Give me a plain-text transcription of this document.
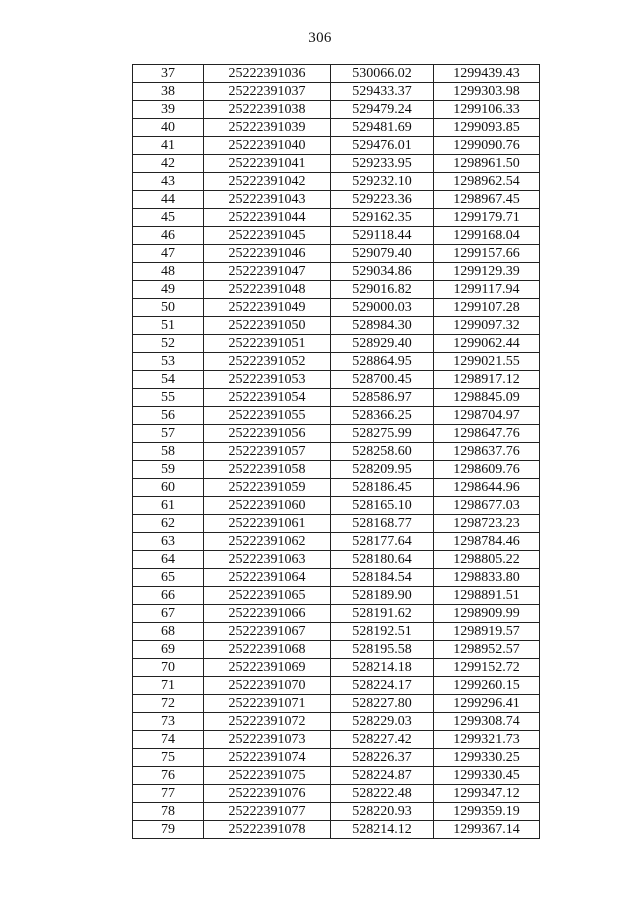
306
37	25222391036	530066.02	1299439.43
38	25222391037	529433.37	1299303.98
39	25222391038	529479.24	1299106.33
40	25222391039	529481.69	1299093.85
41	25222391040	529476.01	1299090.76
42	25222391041	529233.95	1298961.50
43	25222391042	529232.10	1298962.54
44	25222391043	529223.36	1298967.45
45	25222391044	529162.35	1299179.71
46	25222391045	529118.44	1299168.04
47	25222391046	529079.40	1299157.66
48	25222391047	529034.86	1299129.39
49	25222391048	529016.82	1299117.94
50	25222391049	529000.03	1299107.28
51	25222391050	528984.30	1299097.32
52	25222391051	528929.40	1299062.44
53	25222391052	528864.95	1299021.55
54	25222391053	528700.45	1298917.12
55	25222391054	528586.97	1298845.09
56	25222391055	528366.25	1298704.97
57	25222391056	528275.99	1298647.76
58	25222391057	528258.60	1298637.76
59	25222391058	528209.95	1298609.76
60	25222391059	528186.45	1298644.96
61	25222391060	528165.10	1298677.03
62	25222391061	528168.77	1298723.23
63	25222391062	528177.64	1298784.46
64	25222391063	528180.64	1298805.22
65	25222391064	528184.54	1298833.80
66	25222391065	528189.90	1298891.51
67	25222391066	528191.62	1298909.99
68	25222391067	528192.51	1298919.57
69	25222391068	528195.58	1298952.57
70	25222391069	528214.18	1299152.72
71	25222391070	528224.17	1299260.15
72	25222391071	528227.80	1299296.41
73	25222391072	528229.03	1299308.74
74	25222391073	528227.42	1299321.73
75	25222391074	528226.37	1299330.25
76	25222391075	528224.87	1299330.45
77	25222391076	528222.48	1299347.12
78	25222391077	528220.93	1299359.19
79	25222391078	528214.12	1299367.14
